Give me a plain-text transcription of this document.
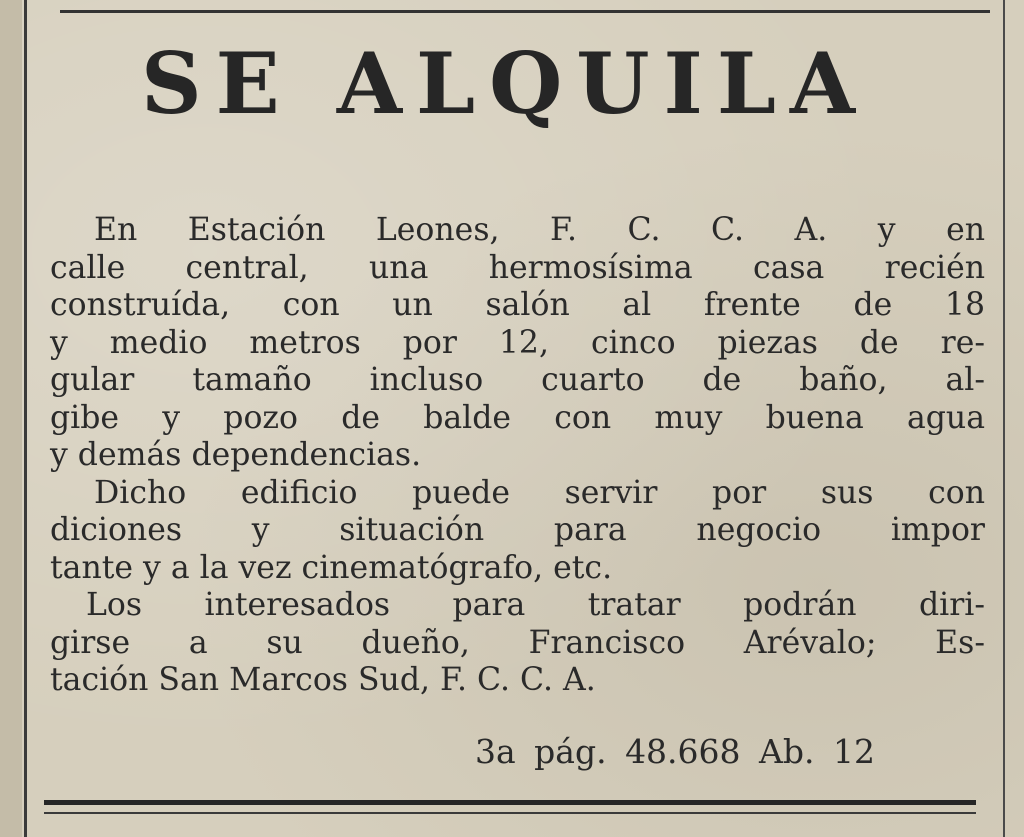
SE ALQUILA
En Estación Leones, F. C. C. A. y en
calle central, una hermosísima casa recién
construída, con un salón al frente de 18
y medio metros por 12, cinco piezas de re-
gular tamaño incluso cuarto de baño, al-
gibe y pozo de balde con muy buena agua
y demás dependencias.
Dicho edificio puede servir por sus con
diciones y situación para negocio impor
tante y a la vez cinematógrafo, etc.
Los interesados para tratar podrán diri-
girse a su dueño, Francisco Arévalo; Es-
tación San Marcos Sud, F. C. C. A.
3a pág. 48.668 Ab. 12
